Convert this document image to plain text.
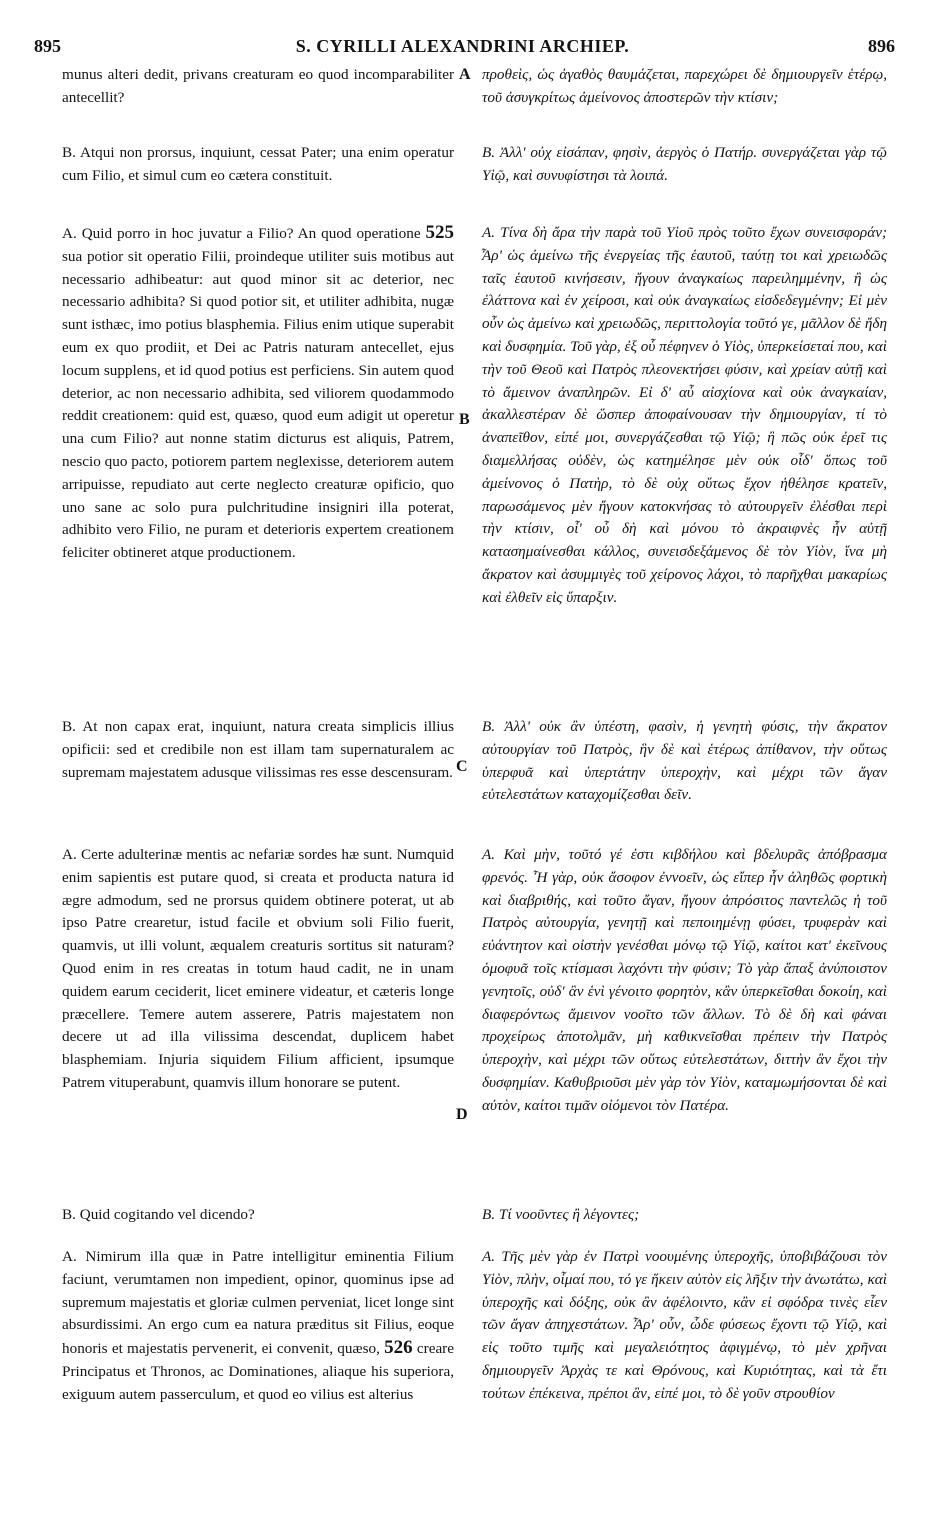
895	S. CYRILLI ALEXANDRINI ARCHIEP.	896
A
B
C
D

munus alteri dedit, privans creaturam eo quod incomparabiliter antecellit?

B. Atqui non prorsus, inquiunt, cessat Pater; una enim operatur cum Filio, et simul cum eo cætera constituit.

A. Quid porro in hoc juvatur a Filio? An quod operatione 525 sua potior sit operatio Filii, proindeque utiliter suis motibus aut necessario adhibeatur: aut quod minor sit ac deterior, nec necessario adhibita? Si quod potior sit, et utiliter adhibita, nugæ sunt isthæc, imo potius blasphemia. Filius enim utique superabit eum ex quo prodiit, et Dei ac Patris naturam antecellet, ejus locum supplens, et id quod potius est perficiens. Sin autem quod deterior, ac non necessario adhibita, sed viliorem quodammodo reddit creationem: quid est, quæso, quod eum adigit ut operetur una cum Filio? aut nonne statim dicturus est aliquis, Patrem, nescio quo pacto, potiorem partem neglexisse, deteriorem autem arripuisse, repudiato aut certe neglecto creaturæ opificio, quo uno sane ac solo pura pulchritudine insigniri illa poterat, adhibito vero Filio, ne puram et deterioris expertem creationem feliciter obtineret atque productionem.

B. At non capax erat, inquiunt, natura creata simplicis illius opificii: sed et credibile non est illam tam supernaturalem ac supremam majestatem adusque vilissimas res esse descensuram.

A. Certe adulterinæ mentis ac nefariæ sordes hæ sunt. Numquid enim sapientis est putare quod, si creata et producta natura id ægre admodum, sed ne prorsus quidem obtinere poterat, ut ab ipso Patre crearetur, istud facile et obvium soli Filio fuerit, quamvis, ut illi volunt, æqualem creaturis sortitus sit naturam? Quod enim in res creatas in totum haud cadit, ne in unam quidem earum ceciderit, licet eminere videatur, et cæteris longe præcellere. Temere autem asserere, Patris majestatem non decere ut ad illa vilissima descendat, duplicem habet blasphemiam. Injuria siquidem Filium afficient, ipsumque Patrem vituperabunt, quamvis illum honorare se putent.

B. Quid cogitando vel dicendo?

A. Nimirum illa quæ in Patre intelligitur eminentia Filium faciunt, verumtamen non impedient, opinor, quominus ipse ad supremum majestatis et gloriæ culmen perveniat, licet longe sint absurdissimi. An ergo cum ea natura præditus sit Filius, eoque honoris et majestatis pervenerit, ei convenit, quæso, 526 creare Principatus et Thronos, ac Dominationes, aliaque his superiora, exiguum autem passerculum, et quod eo vilius est alterius

προθεὶς, ὡς ἀγαθὸς θαυμάζεται, παρεχώρει δὲ δημιουργεῖν ἑτέρῳ, τοῦ ἀσυγκρίτως ἀμείνονος ἀποστερῶν τὴν κτίσιν;

B. Ἀλλ' οὐχ εἰσάπαν, φησὶν, ἀεργὸς ὁ Πατήρ. συνεργάζεται γὰρ τῷ Υἱῷ, καὶ συνυφίστησι τὰ λοιπά.

A. Τίνα δὴ ἄρα τὴν παρὰ τοῦ Υἱοῦ πρὸς τοῦτο ἔχων συνεισφοράν; Ἆρ' ὡς ἀμείνω τῆς ἐνεργείας τῆς ἑαυτοῦ, ταύτῃ τοι καὶ χρειωδῶς ταῖς ἑαυτοῦ κινήσεσιν, ἤγουν ἀναγκαίως παρειλημμένην, ἢ ὡς ἐλάττονα καὶ ἐν χείροσι, καὶ οὐκ ἀναγκαίως εἰσδεδεγμένην; Εἰ μὲν οὖν ὡς ἀμείνω καὶ χρειωδῶς, περιττολογία τοῦτό γε, μᾶλλον δὲ ἤδη καὶ δυσφημία. Τοῦ γὰρ, ἐξ οὗ πέφηνεν ὁ Υἱὸς, ὑπερκείσεταί που, καὶ τὴν τοῦ Θεοῦ καὶ Πατρὸς πλεονεκτήσει φύσιν, καὶ χρείαν αὐτῇ καὶ τὸ ἄμεινον ἀναπληρῶν. Εἰ δ' αὖ αἰσχίονα καὶ οὐκ ἀναγκαίαν, ἀκαλλεστέραν δὲ ὥσπερ ἀποφαίνουσαν τὴν δημιουργίαν, τί τὸ ἀναπεῖθον, εἰπέ μοι, συνεργάζεσθαι τῷ Υἱῷ; ἢ πῶς οὐκ ἐρεῖ τις διαμελλήσας οὐδὲν, ὡς κατημέλησε μὲν οὐκ οἶδ' ὅπως τοῦ ἀμείνονος ὁ Πατὴρ, τὸ δὲ οὐχ οὕτως ἔχον ἠθέλησε κρατεῖν, παρωσάμενος μὲν ἤγουν κατοκνήσας τὸ αὐτουργεῖν ἐλέσθαι περὶ τὴν κτίσιν, οἷ' οὗ δὴ καὶ μόνου τὸ ἀκραιφνὲς ἦν αὐτῇ κατασημαίνεσθαι κάλλος, συνεισδεξάμενος δὲ τὸν Υἱὸν, ἵνα μὴ ἄκρατον καὶ ἀσυμμιγὲς τοῦ χείρονος λάχοι, τὸ παρῆχθαι μακαρίως καὶ ἐλθεῖν εἰς ὕπαρξιν.

B. Ἀλλ' οὐκ ἂν ὑπέστη, φασὶν, ἡ γενητὴ φύσις, τὴν ἄκρατον αὐτουργίαν τοῦ Πατρὸς, ἣν δὲ καὶ ἑτέρως ἀπίθανον, τὴν οὕτως ὑπερφυᾶ καὶ ὑπερτάτην ὑπεροχὴν, καὶ μέχρι τῶν ἄγαν εὐτελεστάτων καταχομίζεσθαι δεῖν.

A. Καὶ μὴν, τοῦτό γέ ἐστι κιβδήλου καὶ βδελυρᾶς ἀπόβρασμα φρενός. Ἦ γὰρ, οὐκ ἄσοφον ἐννοεῖν, ὡς εἴπερ ἦν ἀληθῶς φορτικὴ καὶ διαβριθής, καὶ τοῦτο ἄγαν, ἤγουν ἀπρόσιτος παντελῶς ἡ τοῦ Πατρὸς αὐτουργία, γενητῇ καὶ πεποιημένῃ φύσει, τρυφερὰν καὶ εὐάντητον καὶ οἰστὴν γενέσθαι μόνῳ τῷ Υἱῷ, καίτοι κατ' ἐκεῖνους ὁμοφυᾶ τοῖς κτίσμασι λαχόντι τὴν φύσιν; Τὸ γὰρ ἅπαξ ἀνύποιστον γενητοῖς, οὐδ' ἂν ἑνὶ γένοιτο φορητὸν, κἂν ὑπερκεῖσθαι δοκοίη, καὶ διαφερόντως ἄμεινον νοοῖτο τῶν ἄλλων. Τὸ δὲ δὴ καὶ φάναι προχείρως ἀποτολμᾶν, μὴ καθικνεῖσθαι πρέπειν τὴν Πατρὸς ὑπεροχὴν, καὶ μέχρι τῶν οὕτως εὐτελεστάτων, διττὴν ἂν ἔχοι τὴν δυσφημίαν. Καθυβριοῦσι μὲν γὰρ τὸν Υἱὸν, καταμωμήσονται δὲ καὶ αὐτὸν, καίτοι τιμᾶν οἰόμενοι τὸν Πατέρα.

B. Τί νοοῦντες ἢ λέγοντες;

A. Τῆς μὲν γὰρ ἐν Πατρὶ νοουμένης ὑπεροχῆς, ὑποβιβάζουσι τὸν Υἱὸν, πλὴν, οἶμαί που, τό γε ἥκειν αὐτὸν εἰς λῆξιν τὴν ἀνωτάτω, καὶ ὑπεροχῆς καὶ δόξης, οὐκ ἂν ἀφέλοιντο, κἂν εἰ σφόδρα τινὲς εἶεν τῶν ἄγαν ἀπηχεστάτων. Ἆρ' οὖν, ὧδε φύσεως ἔχοντι τῷ Υἱῷ, καὶ εἰς τοῦτο τιμῆς καὶ μεγαλειότητος ἀφιγμένῳ, τὸ μὲν χρῆναι δημιουργεῖν Ἀρχὰς τε καὶ Θρόνους, καὶ Κυριότητας, καὶ τὰ ἔτι τούτων ἐπέκεινα, πρέποι ἂν, εἰπέ μοι, τὸ δὲ γοῦν στρουθίον
